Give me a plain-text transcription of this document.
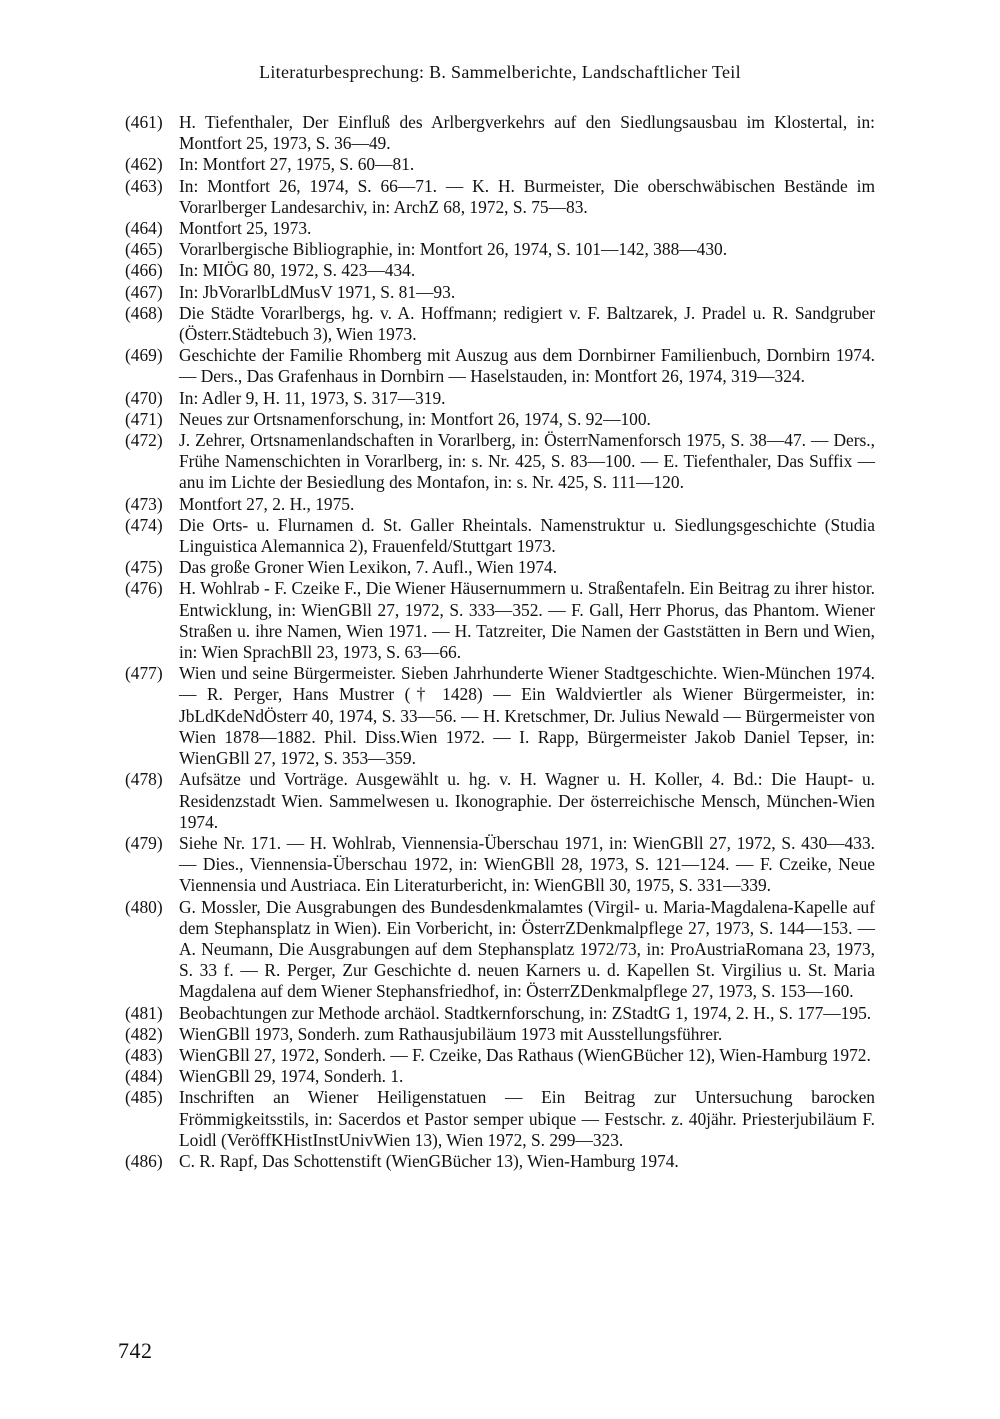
Literaturbesprechung: B. Sammelberichte, Landschaftlicher Teil
(461) H. Tiefenthaler, Der Einfluß des Arlbergverkehrs auf den Siedlungsausbau im Klostertal, in: Montfort 25, 1973, S. 36—49.
(462) In: Montfort 27, 1975, S. 60—81.
(463) In: Montfort 26, 1974, S. 66—71. — K. H. Burmeister, Die oberschwäbischen Bestände im Vorarlberger Landesarchiv, in: ArchZ 68, 1972, S. 75—83.
(464) Montfort 25, 1973.
(465) Vorarlbergische Bibliographie, in: Montfort 26, 1974, S. 101—142, 388—430.
(466) In: MIÖG 80, 1972, S. 423—434.
(467) In: JbVorarlbLdMusV 1971, S. 81—93.
(468) Die Städte Vorarlbergs, hg. v. A. Hoffmann; redigiert v. F. Baltzarek, J. Pradel u. R. Sandgruber (Österr.Städtebuch 3), Wien 1973.
(469) Geschichte der Familie Rhomberg mit Auszug aus dem Dornbirner Familienbuch, Dornbirn 1974. — Ders., Das Grafenhaus in Dornbirn — Haselstauden, in: Montfort 26, 1974, 319—324.
(470) In: Adler 9, H. 11, 1973, S. 317—319.
(471) Neues zur Ortsnamenforschung, in: Montfort 26, 1974, S. 92—100.
(472) J. Zehrer, Ortsnamenlandschaften in Vorarlberg, in: ÖsterrNamenforsch 1975, S. 38—47. — Ders., Frühe Namenschichten in Vorarlberg, in: s. Nr. 425, S. 83—100. — E. Tiefenthaler, Das Suffix — anu im Lichte der Besiedlung des Montafon, in: s. Nr. 425, S. 111—120.
(473) Montfort 27, 2. H., 1975.
(474) Die Orts- u. Flurnamen d. St. Galler Rheintals. Namenstruktur u. Siedlungsgeschichte (Studia Linguistica Alemannica 2), Frauenfeld/Stuttgart 1973.
(475) Das große Groner Wien Lexikon, 7. Aufl., Wien 1974.
(476) H. Wohlrab - F. Czeike F., Die Wiener Häusernummern u. Straßentafeln. Ein Beitrag zu ihrer histor. Entwicklung, in: WienGBll 27, 1972, S. 333—352. — F. Gall, Herr Phorus, das Phantom. Wiener Straßen u. ihre Namen, Wien 1971. — H. Tatzreiter, Die Namen der Gaststätten in Bern und Wien, in: Wien SprachBll 23, 1973, S. 63—66.
(477) Wien und seine Bürgermeister. Sieben Jahrhunderte Wiener Stadtgeschichte. Wien-München 1974. — R. Perger, Hans Mustrer († 1428) — Ein Waldviertler als Wiener Bürgermeister, in: JbLdKdeNdÖsterr 40, 1974, S. 33—56. — H. Kretschmer, Dr. Julius Newald — Bürgermeister von Wien 1878—1882. Phil. Diss.Wien 1972. — I. Rapp, Bürgermeister Jakob Daniel Tepser, in: WienGBll 27, 1972, S. 353—359.
(478) Aufsätze und Vorträge. Ausgewählt u. hg. v. H. Wagner u. H. Koller, 4. Bd.: Die Haupt- u. Residenzstadt Wien. Sammelwesen u. Ikonographie. Der österreichische Mensch, München-Wien 1974.
(479) Siehe Nr. 171. — H. Wohlrab, Viennensia-Überschau 1971, in: WienGBll 27, 1972, S. 430—433. — Dies., Viennensia-Überschau 1972, in: WienGBll 28, 1973, S. 121—124. — F. Czeike, Neue Viennensia und Austriaca. Ein Literaturbericht, in: WienGBll 30, 1975, S. 331—339.
(480) G. Mossler, Die Ausgrabungen des Bundesdenkmalamtes (Virgil- u. Maria-Magdalena-Kapelle auf dem Stephansplatz in Wien). Ein Vorbericht, in: ÖsterrZDenkmalpflege 27, 1973, S. 144—153. — A. Neumann, Die Ausgrabungen auf dem Stephansplatz 1972/73, in: ProAustriaRomana 23, 1973, S. 33 f. — R. Perger, Zur Geschichte d. neuen Karners u. d. Kapellen St. Virgilius u. St. Maria Magdalena auf dem Wiener Stephansfriedhof, in: ÖsterrZDenkmalpflege 27, 1973, S. 153—160.
(481) Beobachtungen zur Methode archäol. Stadtkernforschung, in: ZStadtG 1, 1974, 2. H., S. 177—195.
(482) WienGBll 1973, Sonderh. zum Rathausjubiläum 1973 mit Ausstellungsführer.
(483) WienGBll 27, 1972, Sonderh. — F. Czeike, Das Rathaus (WienGBücher 12), Wien-Hamburg 1972.
(484) WienGBll 29, 1974, Sonderh. 1.
(485) Inschriften an Wiener Heiligenstatuen — Ein Beitrag zur Untersuchung barocken Frömmigkeitsstils, in: Sacerdos et Pastor semper ubique — Festschr. z. 40jähr. Priesterjubiläum F. Loidl (VeröffKHistInstUnivWien 13), Wien 1972, S. 299—323.
(486) C. R. Rapf, Das Schottenstift (WienGBücher 13), Wien-Hamburg 1974.
742
